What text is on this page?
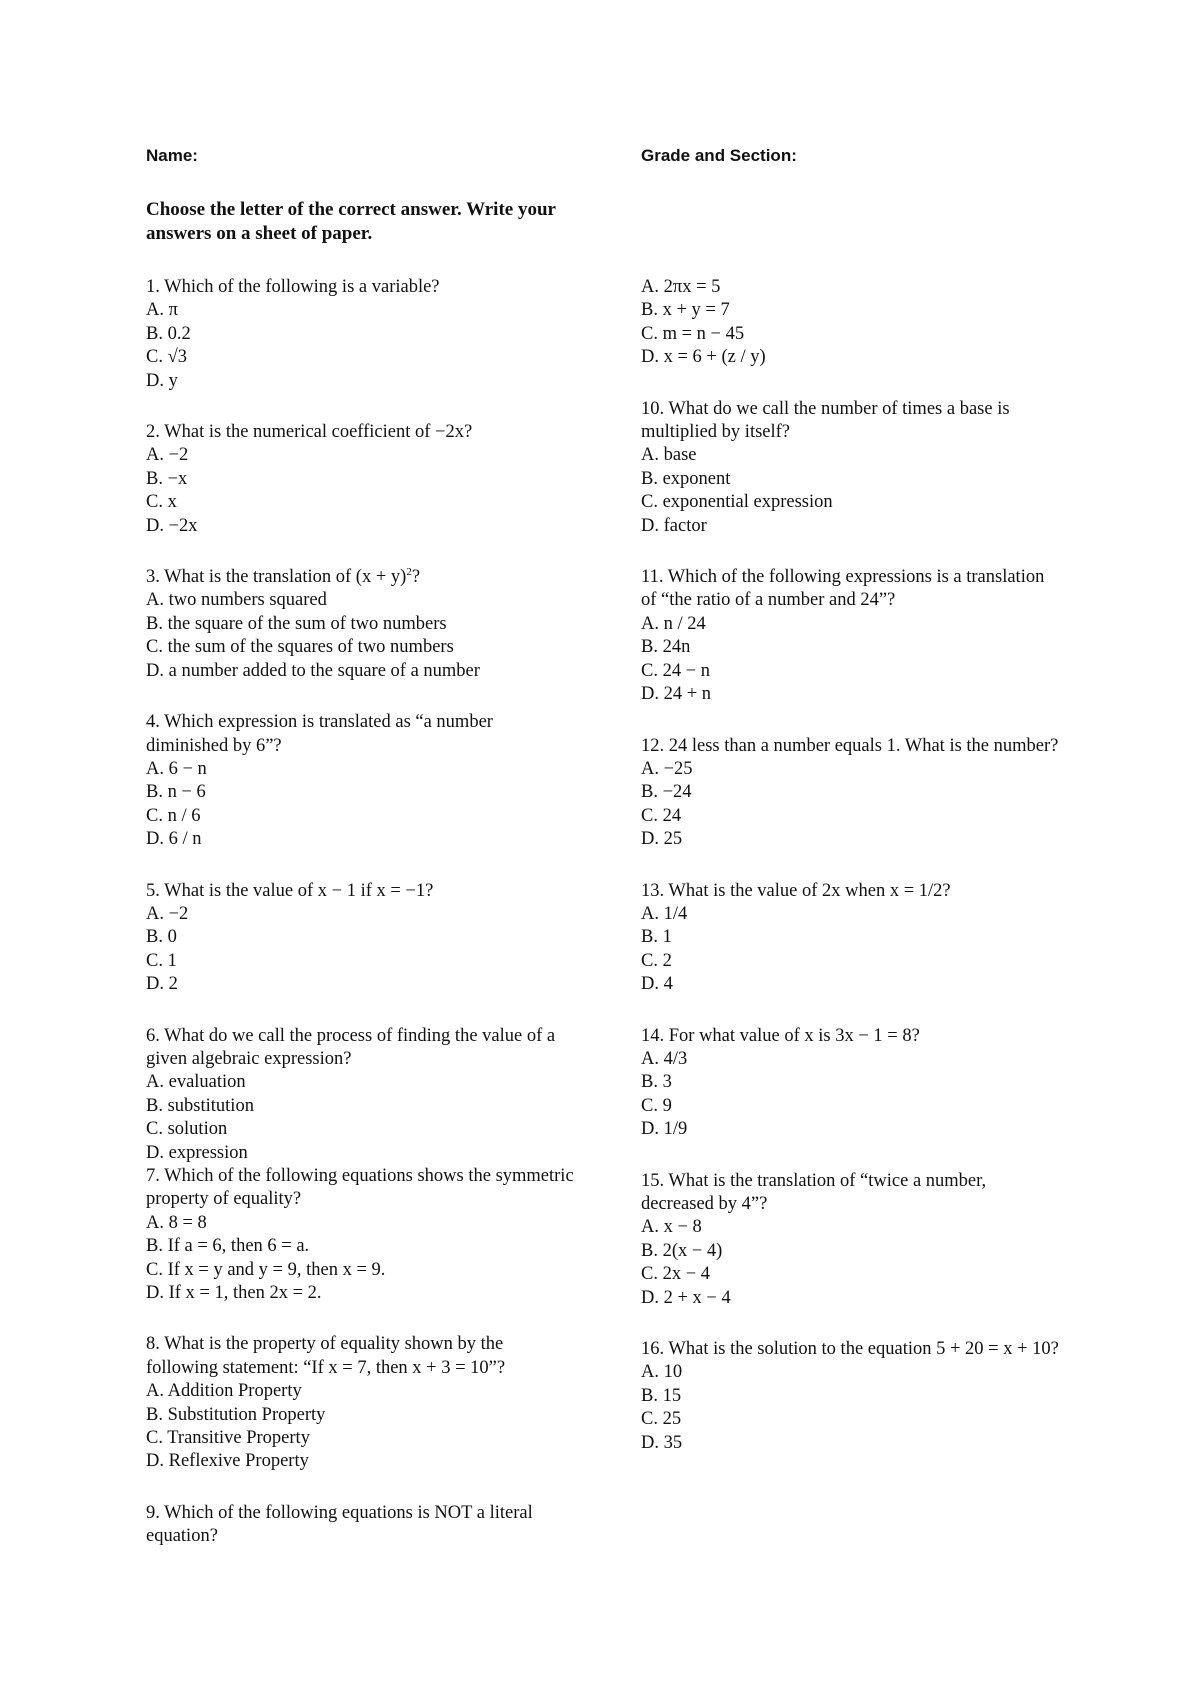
Name:	Grade and Section:
Choose the letter of the correct answer. Write your answers on a sheet of paper.
1. Which of the following is a variable?
A. π
B. 0.2
C. √3
D. y
2. What is the numerical coefficient of −2x?
A. −2
B. −x
C. x
D. −2x
3. What is the translation of $(x + y)^2$?
A. two numbers squared
B. the square of the sum of two numbers
C. the sum of the squares of two numbers
D. a number added to the square of a number
4. Which expression is translated as “a number diminished by 6”?
A. 6 − n
B. n − 6
C. n / 6
D. 6 / n
5. What is the value of x − 1 if x = −1?
A. −2
B. 0
C. 1
D. 2
6. What do we call the process of finding the value of a given algebraic expression?
A. evaluation
B. substitution
C. solution
D. expression
7. Which of the following equations shows the symmetric property of equality?
A. 8 = 8
B. If a = 6, then 6 = a.
C. If x = y and y = 9, then x = 9.
D. If x = 1, then 2x = 2.
8. What is the property of equality shown by the following statement: “If x = 7, then x + 3 = 10”?
A. Addition Property
B. Substitution Property
C. Transitive Property
D. Reflexive Property
9. Which of the following equations is NOT a literal equation?
A. 2πx = 5
B. x + y = 7
C. m = n − 45
D. x = 6 + (z / y)
10. What do we call the number of times a base is multiplied by itself?
A. base
B. exponent
C. exponential expression
D. factor
11. Which of the following expressions is a translation of “the ratio of a number and 24”?
A. n / 24
B. 24n
C. 24 − n
D. 24 + n
12. 24 less than a number equals 1. What is the number?
A. −25
B. −24
C. 24
D. 25
13. What is the value of 2x when x = 1/2?
A. 1/4
B. 1
C. 2
D. 4
14. For what value of x is 3x − 1 = 8?
A. 4/3
B. 3
C. 9
D. 1/9
15. What is the translation of “twice a number, decreased by 4”?
A. x − 8
B. 2(x − 4)
C. 2x − 4
D. 2 + x − 4
16. What is the solution to the equation 5 + 20 = x + 10?
A. 10
B. 15
C. 25
D. 35
